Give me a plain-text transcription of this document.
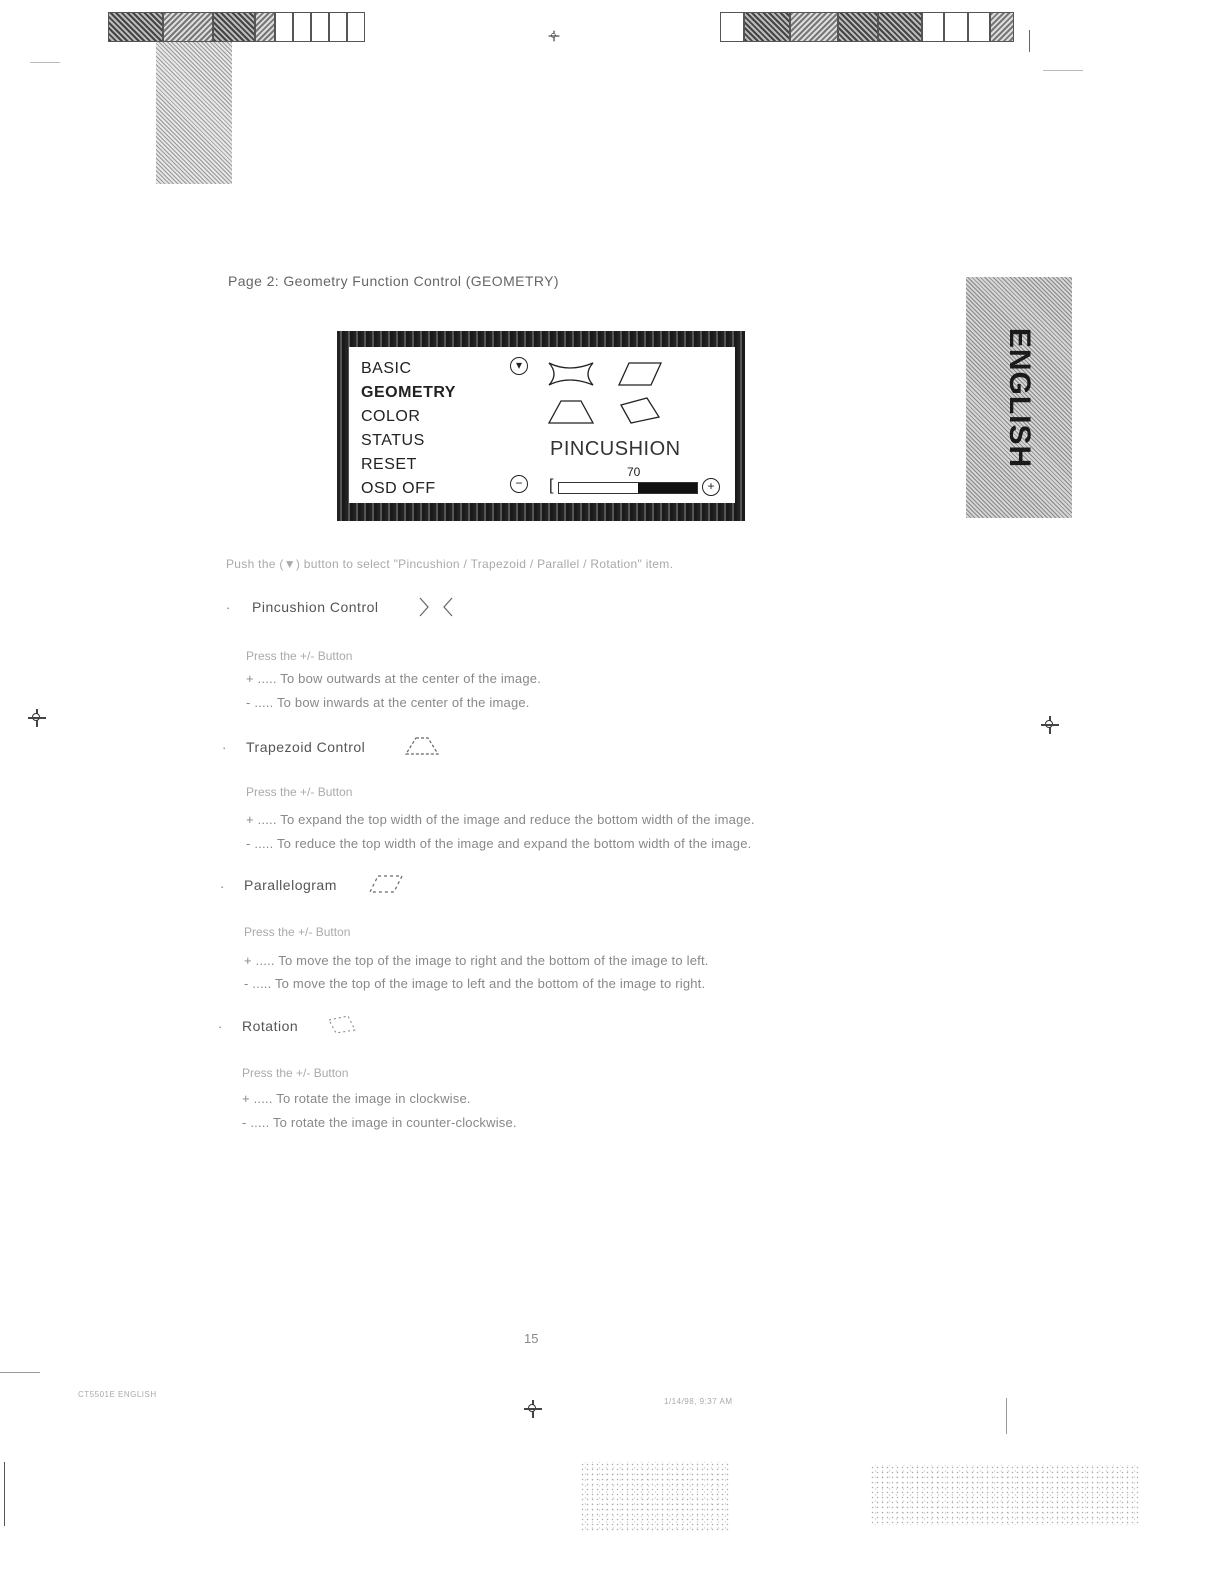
Page 2: Geometry Function Control (GEOMETRY)
ENGLISH
BASIC
GEOMETRY
COLOR
STATUS
RESET
OSD OFF
▾
−	+
PINCUSHION
70
[
Push the (▼) button to select "Pincushion / Trapezoid / Parallel / Rotation" item.
· Pincushion Control
Press the +/- Button
+ ..... To bow outwards at the center of the image.
- ..... To bow inwards at the center of the image.
· Trapezoid Control
Press the +/- Button
+ ..... To expand the top width of the image and reduce the bottom width of the image.
- ..... To reduce the top width of the image and expand the bottom width of the image.
· Parallelogram
Press the +/- Button
+ ..... To move the top of the image to right and the bottom of the image to left.
- ..... To move the top of the image to left and the bottom of the image to right.
· Rotation
Press the +/- Button
+ ..... To rotate the image in clockwise.
- ..... To rotate the image in counter-clockwise.
15
CT5501E ENGLISH
1/14/98, 9:37 AM
